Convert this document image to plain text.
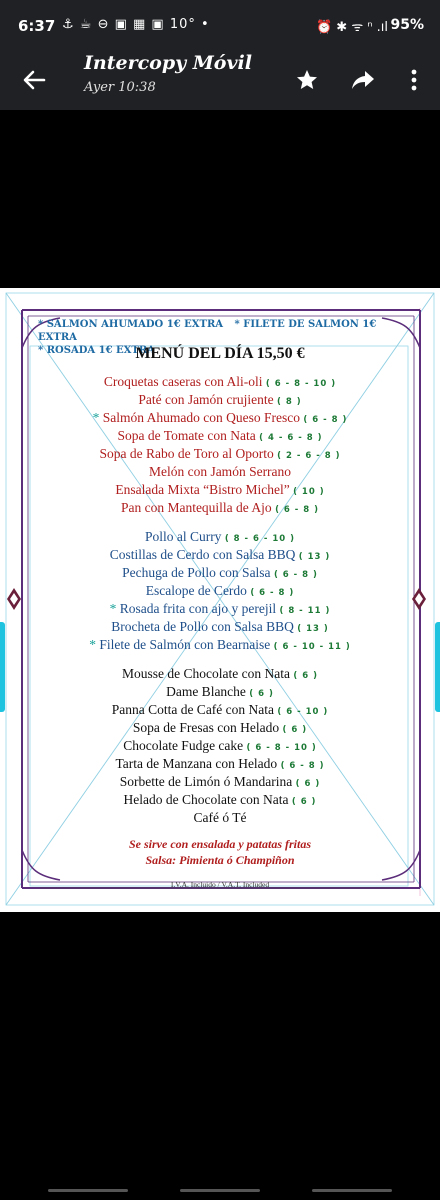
6:37 ⚓ ☕ ⊖ ▣ ▦ ▣ 10° •	⏰ ✱ ᯤ ⁿ .ıl 95%
Intercopy Móvil
Ayer 10:38
* SALMON AHUMADO 1€ EXTRA * FILETE DE SALMON 1€ EXTRA
* ROSADA 1€ EXTRA
MENÚ DEL DÍA 15,50 €
Croquetas caseras con Ali-oli ( 6 - 8 - 10 )
Paté con Jamón crujiente ( 8 )
* Salmón Ahumado con Queso Fresco ( 6 - 8 )
Sopa de Tomate con Nata ( 4 - 6 - 8 )
Sopa de Rabo de Toro al Oporto ( 2 - 6 - 8 )
Melón con Jamón Serrano
Ensalada Mixta “Bistro Michel” ( 10 )
Pan con Mantequilla de Ajo ( 6 - 8 )
Pollo al Curry ( 8 - 6 - 10 )
Costillas de Cerdo con Salsa BBQ ( 13 )
Pechuga de Pollo con Salsa ( 6 - 8 )
Escalope de Cerdo ( 6 - 8 )
* Rosada frita con ajo y perejil ( 8 - 11 )
Brocheta de Pollo con Salsa BBQ ( 13 )
* Filete de Salmón con Bearnaise ( 6 - 10 - 11 )
Mousse de Chocolate con Nata ( 6 )
Dame Blanche ( 6 )
Panna Cotta de Café con Nata ( 6 - 10 )
Sopa de Fresas con Helado ( 6 )
Chocolate Fudge cake ( 6 - 8 - 10 )
Tarta de Manzana con Helado ( 6 - 8 )
Sorbette de Limón ó Mandarina ( 6 )
Helado de Chocolate con Nata ( 6 )
Café ó Té
Se sirve con ensalada y patatas fritas
Salsa: Pimienta ó Champiñon
I.V.A. Incluido / V.A.T. Included
